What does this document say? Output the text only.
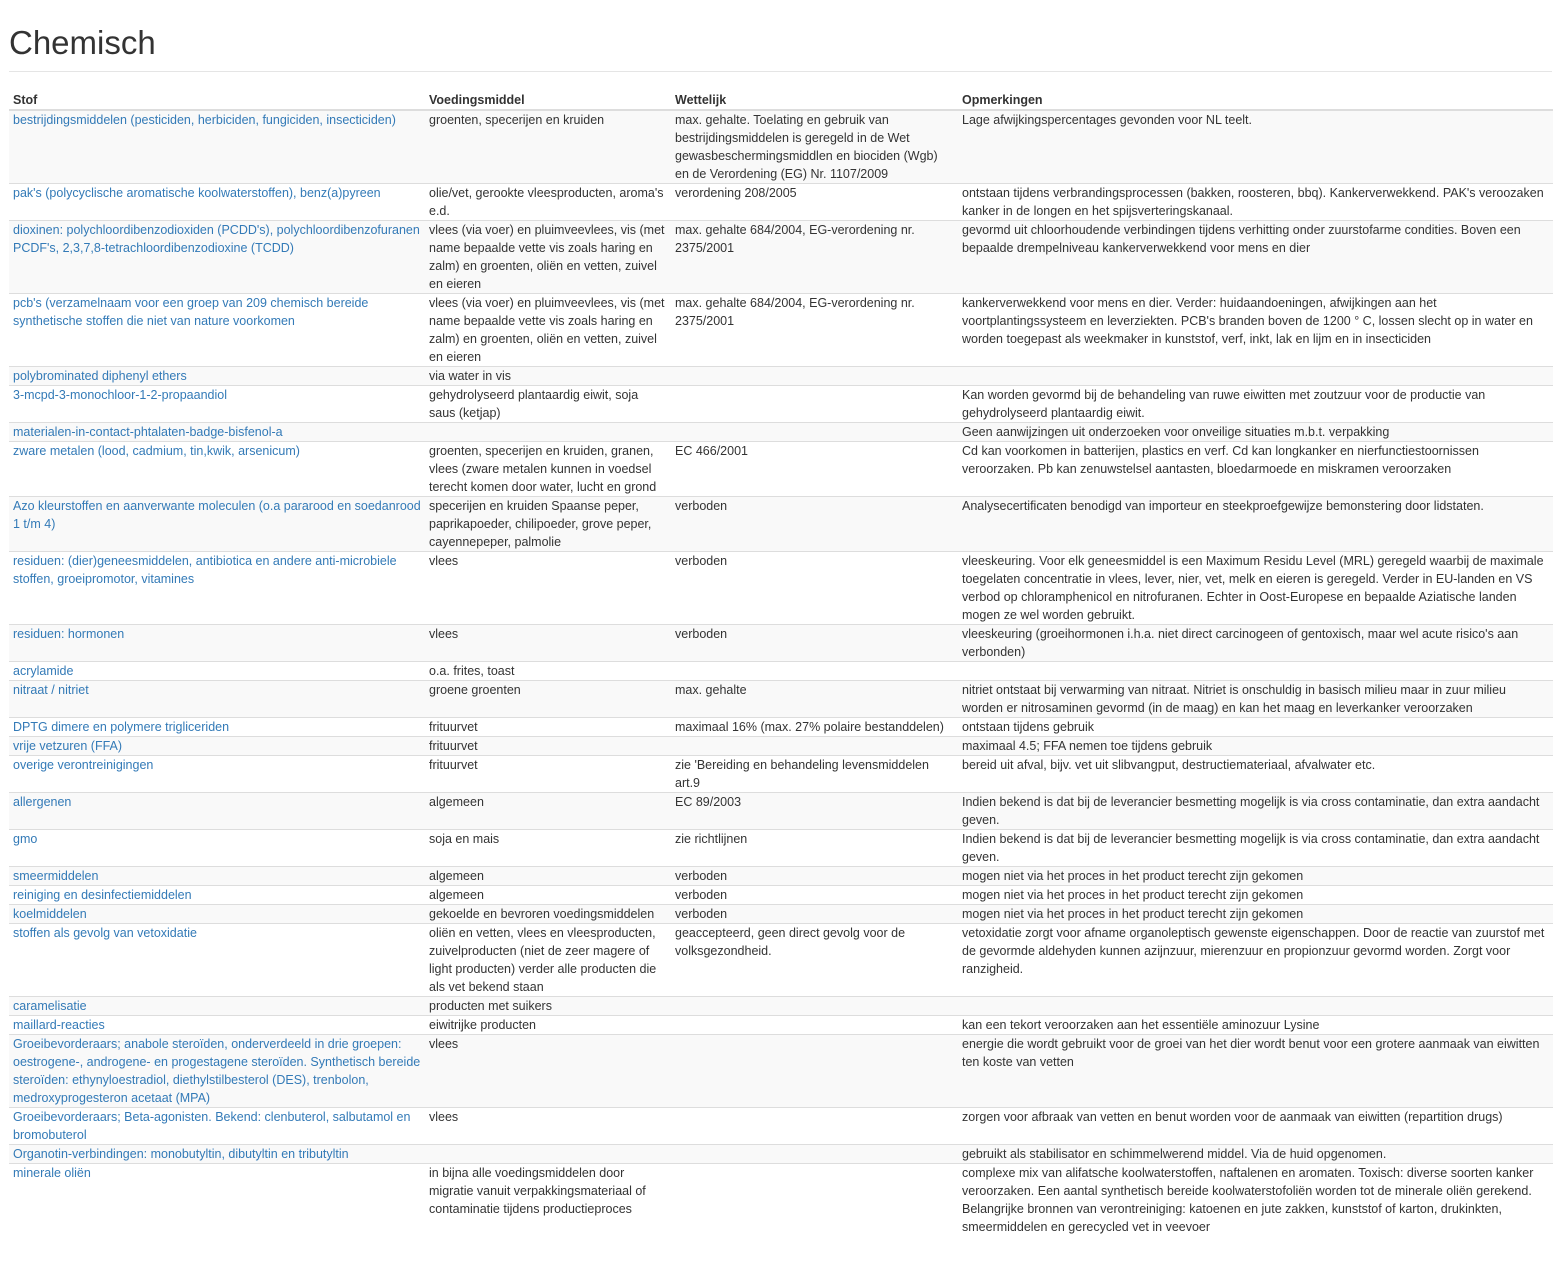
Chemisch
Stof	Voedingsmiddel	Wettelijk	Opmerkingen
bestrijdingsmiddelen (pesticiden, herbiciden, fungiciden, insecticiden)	groenten, specerijen en kruiden	max. gehalte. Toelating en gebruik van bestrijdingsmiddelen is geregeld in de Wet gewasbeschermingsmiddlen en biociden (Wgb) en de Verordening (EG) Nr. 1107/2009	Lage afwijkingspercentages gevonden voor NL teelt.
pak's (polycyclische aromatische koolwaterstoffen), benz(a)pyreen	olie/vet, gerookte vleesproducten, aroma's e.d.	verordening 208/2005	ontstaan tijdens verbrandingsprocessen (bakken, roosteren, bbq). Kankerverwekkend. PAK's veroozaken kanker in de longen en het spijsverteringskanaal.
dioxinen: polychloordibenzodioxiden (PCDD's), polychloordibenzofuranen PCDF's, 2,3,7,8-tetrachloordibenzodioxine (TCDD)	vlees (via voer) en pluimveevlees, vis (met name bepaalde vette vis zoals haring en zalm) en groenten, oliën en vetten, zuivel en eieren	max. gehalte 684/2004, EG-verordening nr. 2375/2001	gevormd uit chloorhoudende verbindingen tijdens verhitting onder zuurstofarme condities. Boven een bepaalde drempelniveau kankerverwekkend voor mens en dier
pcb's (verzamelnaam voor een groep van 209 chemisch bereide synthetische stoffen die niet van nature voorkomen	vlees (via voer) en pluimveevlees, vis (met name bepaalde vette vis zoals haring en zalm) en groenten, oliën en vetten, zuivel en eieren	max. gehalte 684/2004, EG-verordening nr. 2375/2001	kankerverwekkend voor mens en dier. Verder: huidaandoeningen, afwijkingen aan het voortplantingssysteem en leverziekten. PCB's branden boven de 1200 ° C, lossen slecht op in water en worden toegepast als weekmaker in kunststof, verf, inkt, lak en lijm en in insecticiden
polybrominated diphenyl ethers	via water in vis		
3-mcpd-3-monochloor-1-2-propaandiol	gehydrolyseerd plantaardig eiwit, soja saus (ketjap)		Kan worden gevormd bij de behandeling van ruwe eiwitten met zoutzuur voor de productie van gehydrolyseerd plantaardig eiwit.
materialen-in-contact-phtalaten-badge-bisfenol-a			Geen aanwijzingen uit onderzoeken voor onveilige situaties m.b.t. verpakking
zware metalen (lood, cadmium, tin,kwik, arsenicum)	groenten, specerijen en kruiden, granen, vlees (zware metalen kunnen in voedsel terecht komen door water, lucht en grond	EC 466/2001	Cd kan voorkomen in batterijen, plastics en verf. Cd kan longkanker en nierfunctiestoornissen veroorzaken. Pb kan zenuwstelsel aantasten, bloedarmoede en miskramen veroorzaken
Azo kleurstoffen en aanverwante moleculen (o.a pararood en soedanrood 1 t/m 4)	specerijen en kruiden Spaanse peper, paprikapoeder, chilipoeder, grove peper, cayennepeper, palmolie	verboden	Analysecertificaten benodigd van importeur en steekproefgewijze bemonstering door lidstaten.
residuen: (dier)geneesmiddelen, antibiotica en andere anti-microbiele stoffen, groeipromotor, vitamines	vlees	verboden	vleeskeuring. Voor elk geneesmiddel is een Maximum Residu Level (MRL) geregeld waarbij de maximale toegelaten concentratie in vlees, lever, nier, vet, melk en eieren is geregeld. Verder in EU-landen en VS verbod op chloramphenicol en nitrofuranen. Echter in Oost-Europese en bepaalde Aziatische landen mogen ze wel worden gebruikt.
residuen: hormonen	vlees	verboden	vleeskeuring (groeihormonen i.h.a. niet direct carcinogeen of gentoxisch, maar wel acute risico's aan verbonden)
acrylamide	o.a. frites, toast		
nitraat / nitriet	groene groenten	max. gehalte	nitriet ontstaat bij verwarming van nitraat. Nitriet is onschuldig in basisch milieu maar in zuur milieu worden er nitrosaminen gevormd (in de maag) en kan het maag en leverkanker veroorzaken
DPTG dimere en polymere trigliceriden	frituurvet	maximaal 16% (max. 27% polaire bestanddelen)	ontstaan tijdens gebruik
vrije vetzuren (FFA)	frituurvet		maximaal 4.5; FFA nemen toe tijdens gebruik
overige verontreinigingen	frituurvet	zie 'Bereiding en behandeling levensmiddelen art.9	bereid uit afval, bijv. vet uit slibvangput, destructiemateriaal, afvalwater etc.
allergenen	algemeen	EC 89/2003	Indien bekend is dat bij de leverancier besmetting mogelijk is via cross contaminatie, dan extra aandacht geven.
gmo	soja en mais	zie richtlijnen	Indien bekend is dat bij de leverancier besmetting mogelijk is via cross contaminatie, dan extra aandacht geven.
smeermiddelen	algemeen	verboden	mogen niet via het proces in het product terecht zijn gekomen
reiniging en desinfectiemiddelen	algemeen	verboden	mogen niet via het proces in het product terecht zijn gekomen
koelmiddelen	gekoelde en bevroren voedingsmiddelen	verboden	mogen niet via het proces in het product terecht zijn gekomen
stoffen als gevolg van vetoxidatie	oliën en vetten, vlees en vleesproducten, zuivelproducten (niet de zeer magere of light producten) verder alle producten die als vet bekend staan	geaccepteerd, geen direct gevolg voor de volksgezondheid.	vetoxidatie zorgt voor afname organoleptisch gewenste eigenschappen. Door de reactie van zuurstof met de gevormde aldehyden kunnen azijnzuur, mierenzuur en propionzuur gevormd worden. Zorgt voor ranzigheid.
caramelisatie	producten met suikers		
maillard-reacties	eiwitrijke producten		kan een tekort veroorzaken aan het essentiële aminozuur Lysine
Groeibevorderaars; anabole steroïden, onderverdeeld in drie groepen: oestrogene-, androgene- en progestagene steroïden. Synthetisch bereide steroïden: ethynyloestradiol, diethylstilbesterol (DES), trenbolon, medroxyprogesteron acetaat (MPA)	vlees		energie die wordt gebruikt voor de groei van het dier wordt benut voor een grotere aanmaak van eiwitten ten koste van vetten
Groeibevorderaars; Beta-agonisten. Bekend: clenbuterol, salbutamol en bromobuterol	vlees		zorgen voor afbraak van vetten en benut worden voor de aanmaak van eiwitten (repartition drugs)
Organotin-verbindingen: monobutyltin, dibutyltin en tributyltin			gebruikt als stabilisator en schimmelwerend middel. Via de huid opgenomen.
minerale oliën	in bijna alle voedingsmiddelen door migratie vanuit verpakkingsmateriaal of contaminatie tijdens productieproces		complexe mix van alifatsche koolwaterstoffen, naftalenen en aromaten. Toxisch: diverse soorten kanker veroorzaken. Een aantal synthetisch bereide koolwaterstofoliën worden tot de minerale oliën gerekend. Belangrijke bronnen van verontreiniging: katoenen en jute zakken, kunststof of karton, drukinkten, smeermiddelen en gerecycled vet in veevoer
